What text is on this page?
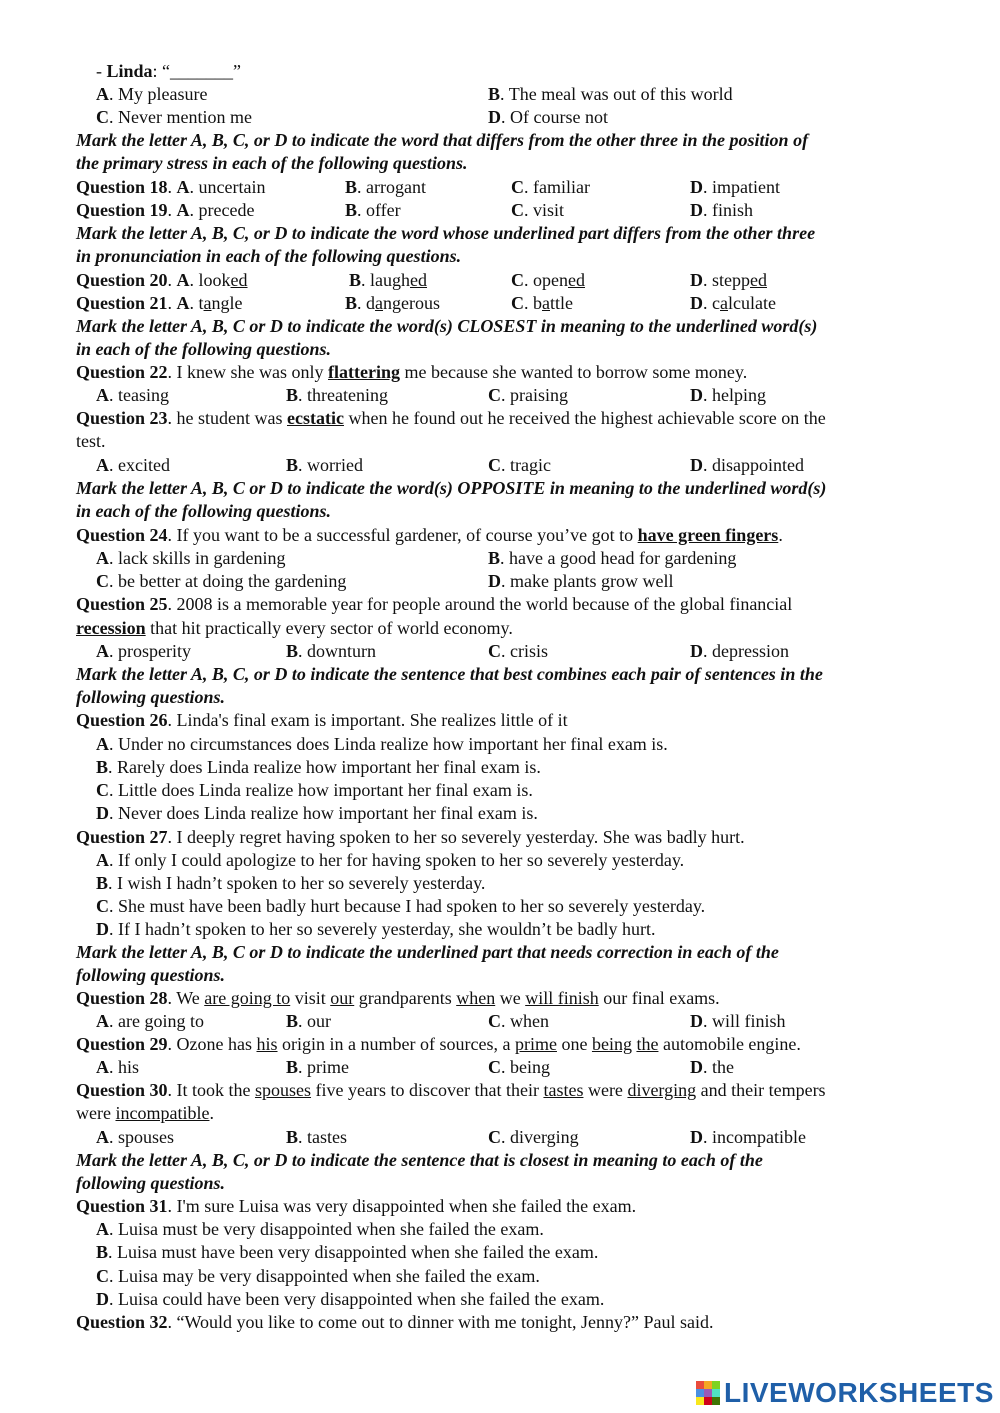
- Linda: “_______”
A. My pleasure	B. The meal was out of this world
C. Never mention me	D. Of course not
Mark the letter A, B, C, or D to indicate the word that differs from the other three in the position of
the primary stress in each of the following questions.
Question 18. A. uncertain	B. arrogant	C. familiar	D. impatient
Question 19. A. precede	B. offer	C. visit	D. finish
Mark the letter A, B, C, or D to indicate the word whose underlined part differs from the other three
in pronunciation in each of the following questions.
Question 20. A. looked	B. laughed	C. opened	D. stepped
Question 21. A. tangle	B. dangerous	C. battle	D. calculate
Mark the letter A, B, C or D to indicate the word(s) CLOSEST in meaning to the underlined word(s)
in each of the following questions.
Question 22. I knew she was only flattering me because she wanted to borrow some money.
A. teasing	B. threatening	C. praising	D. helping
Question 23. he student was ecstatic when he found out he received the highest achievable score on the
test.
A. excited	B. worried	C. tragic	D. disappointed
Mark the letter A, B, C or D to indicate the word(s) OPPOSITE in meaning to the underlined word(s)
in each of the following questions.
Question 24. If you want to be a successful gardener, of course you’ve got to have green fingers.
A. lack skills in gardening	B. have a good head for gardening
C. be better at doing the gardening	D. make plants grow well
Question 25. 2008 is a memorable year for people around the world because of the global financial
recession that hit practically every sector of world economy.
A. prosperity	B. downturn	C. crisis	D. depression
Mark the letter A, B, C, or D to indicate the sentence that best combines each pair of sentences in the
following questions.
Question 26. Linda's final exam is important. She realizes little of it
A. Under no circumstances does Linda realize how important her final exam is.
B. Rarely does Linda realize how important her final exam is.
C. Little does Linda realize how important her final exam is.
D. Never does Linda realize how important her final exam is.
Question 27. I deeply regret having spoken to her so severely yesterday. She was badly hurt.
A. If only I could apologize to her for having spoken to her so severely yesterday.
B. I wish I hadn’t spoken to her so severely yesterday.
C. She must have been badly hurt because I had spoken to her so severely yesterday.
D. If I hadn’t spoken to her so severely yesterday, she wouldn’t be badly hurt.
Mark the letter A, B, C or D to indicate the underlined part that needs correction in each of the
following questions.
Question 28. We are going to visit our grandparents when we will finish our final exams.
A. are going to	B. our	C. when	D. will finish
Question 29. Ozone has his origin in a number of sources, a prime one being the automobile engine.
A. his	B. prime	C. being	D. the
Question 30. It took the spouses five years to discover that their tastes were diverging and their tempers
were incompatible.
A. spouses	B. tastes	C. diverging	D. incompatible
Mark the letter A, B, C, or D to indicate the sentence that is closest in meaning to each of the
following questions.
Question 31. I'm sure Luisa was very disappointed when she failed the exam.
A. Luisa must be very disappointed when she failed the exam.
B. Luisa must have been very disappointed when she failed the exam.
C. Luisa may be very disappointed when she failed the exam.
D. Luisa could have been very disappointed when she failed the exam.
Question 32. “Would you like to come out to dinner with me tonight, Jenny?” Paul said.
LIVEWORKSHEETS
